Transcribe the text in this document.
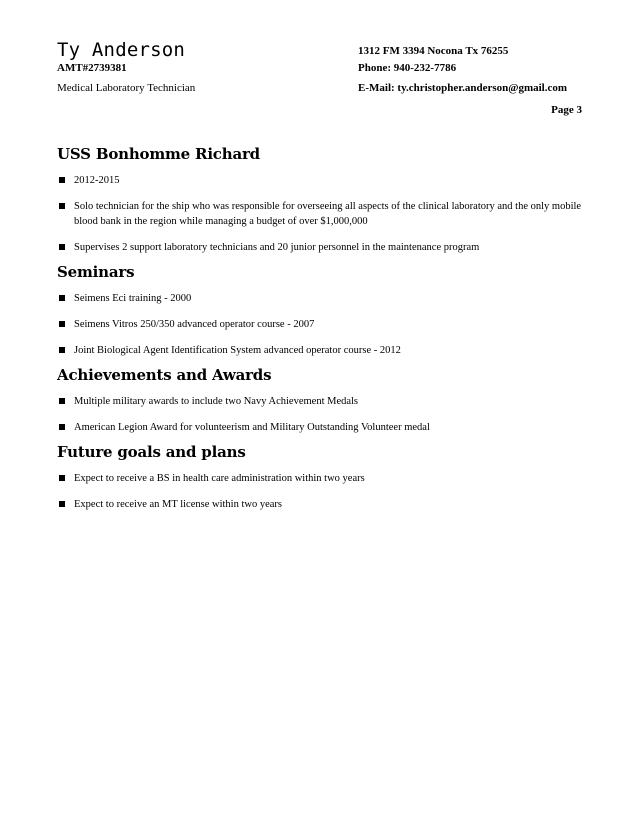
Ty Anderson
AMT#2739381
Medical Laboratory Technician
1312 FM 3394 Nocona Tx 76255
Phone: 940-232-7786
E-Mail: ty.christopher.anderson@gmail.com
Page 3
USS Bonhomme Richard
2012-2015
Solo technician for the ship who was responsible for overseeing all aspects of the clinical laboratory and the only mobile blood bank in the region while managing a budget of over $1,000,000
Supervises 2 support laboratory technicians and 20 junior personnel in the maintenance program
Seminars
Seimens Eci training - 2000
Seimens Vitros 250/350 advanced operator course - 2007
Joint Biological Agent Identification System advanced operator course - 2012
Achievements and Awards
Multiple military awards to include two Navy Achievement Medals
American Legion Award for volunteerism and Military Outstanding Volunteer medal
Future goals and plans
Expect to receive a BS in health care administration within two years
Expect to receive an MT license within two years
